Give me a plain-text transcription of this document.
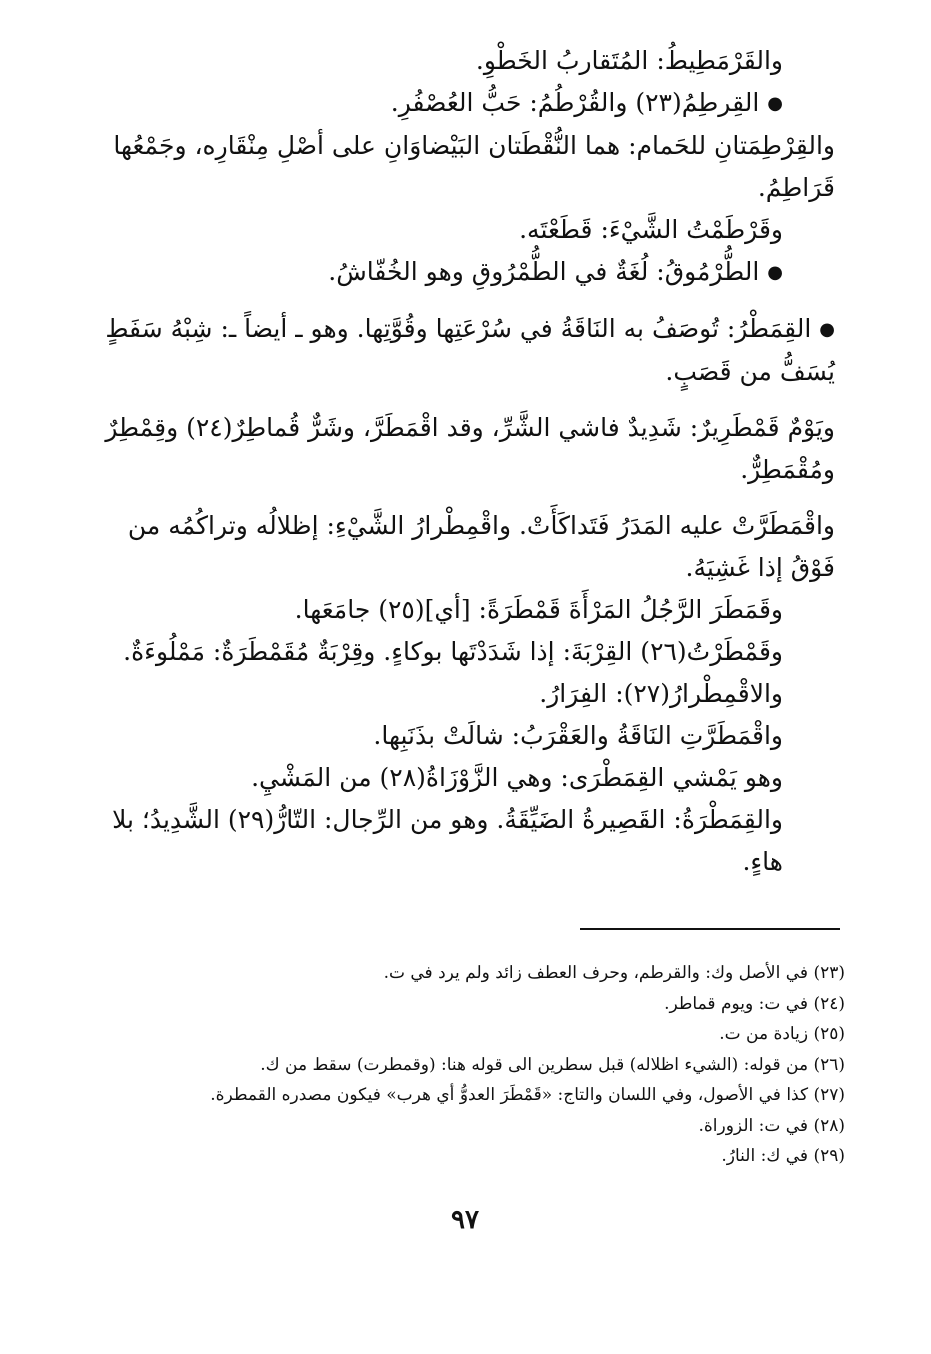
والقَرْمَطِيطُ: المُتَقاربُ الخَطْوِ.

●القِرطِمُ(٢٣) والقُرْطُمُ: حَبُّ العُصْفُرِ.

والقِرْطِمَتانِ للحَمام: هما النُّقْطَتان البَيْضاوَانِ على أصْلِ مِنْقَارِه، وجَمْعُها قَرَاطِمُ.

وقَرْطَمْتُ الشَّيْءَ: قَطَعْتَه.

●الطُّرْمُوقُ: لُغَةٌ في الطُّمْرُوقِ وهو الخُفّاشُ.

●القِمَطْرُ: تُوصَفُ به النَاقَةُ في سُرْعَتِها وقُوَّتِها. وهو ـ أيضاً ـ: شِبْهُ سَفَطٍ يُسَفُّ من قَصَبٍ.

ويَوْمٌ قَمْطَرِيرٌ: شَدِيدٌ فاشي الشَّرِّ، وقد اقْمَطَرَّ، وشَرٌّ قُماطِرٌ(٢٤) وقِمْطِرٌ ومُقْمَطِرٌّ.

واقْمَطَرَّتْ عليه المَدَرُ فَتَداكَأَتْ. واقْمِطْرارُ الشَّيْءِ: إظلالُه وتراكُمُه من فَوْقُ إذا غَشِيَهُ.

وقَمَطَرَ الرَّجُلُ المَرْأَةَ قَمْطَرَةً: [أي](٢٥) جامَعَها.

وقَمْطَرْتُ(٢٦) القِرْبَةَ: إذا شَدَدْتَها بوكاءٍ. وقِرْبَةٌ مُقَمْطَرَةٌ: مَمْلُوءَةٌ.

والاقْمِطْرارُ(٢٧): الفِرَارُ.

واقْمَطَرَّتِ النَاقَةُ والعَقْرَبُ: شالَتْ بذَنَبِها.

وهو يَمْشي القِمَطْرَى: وهي الزَّوْزَاةُ(٢٨) من المَشْيِ.

والقِمَطْرَةُ: القَصِيرةُ الضَيِّقَةُ. وهو من الرِّجال: التّارُّ(٢٩) الشَّدِيدُ؛ بلا هاءٍ.

(٢٣) في الأصل وك: والقرطم، وحرف العطف زائد ولم يرد في ت.

(٢٤) في ت: ويوم قماطر.

(٢٥) زيادة من ت.

(٢٦) من قوله: (الشيء اظلاله) قبل سطرين الى قوله هنا: (وقمطرت) سقط من ك.

(٢٧) كذا في الأصول، وفي اللسان والتاج: «قَمْطَرَ العدوُّ أي هرب» فيكون مصدره القمطرة.

(٢٨) في ت: الزوراة.

(٢٩) في ك: النارُ.

٩٧
